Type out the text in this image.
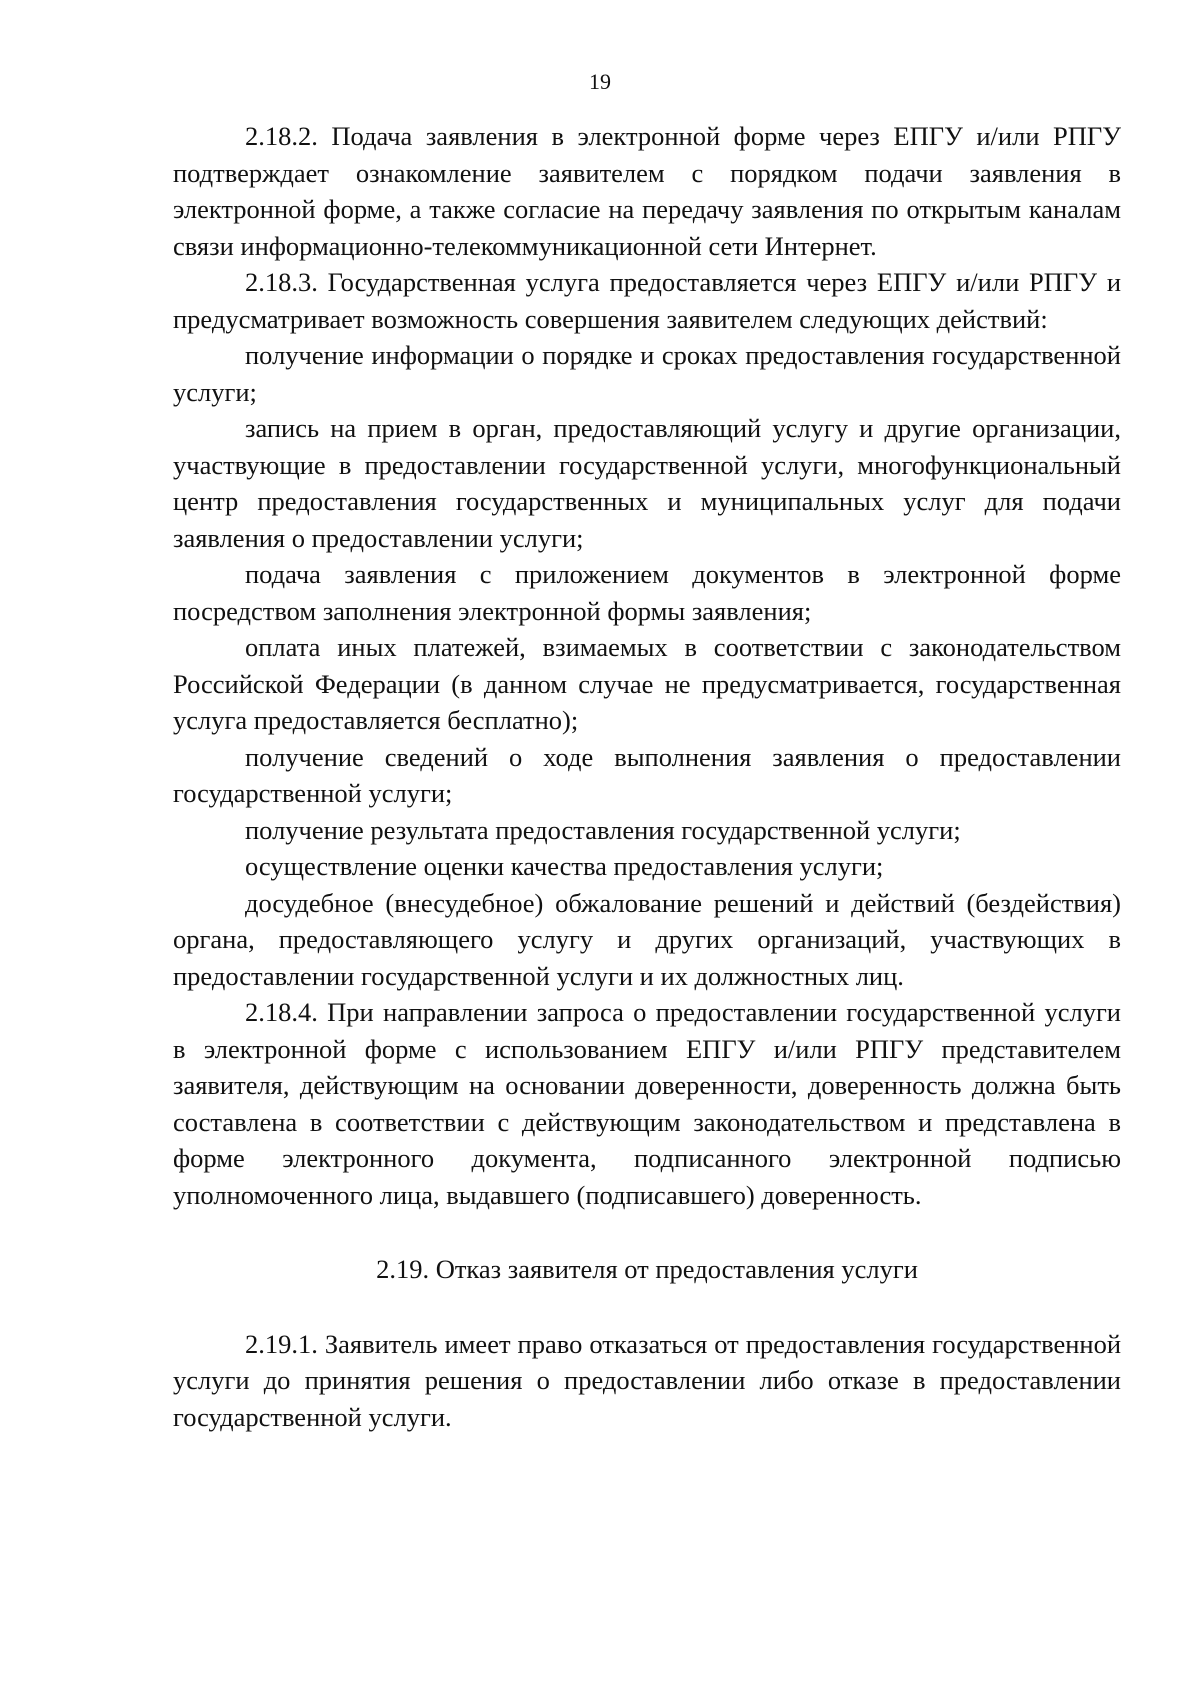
19

2.18.2. Подача заявления в электронной форме через ЕПГУ и/или РПГУ подтверждает ознакомление заявителем с порядком подачи заявления в электронной форме, а также согласие на передачу заявления по открытым каналам связи информационно-телекоммуникационной сети Интернет.

2.18.3. Государственная услуга предоставляется через ЕПГУ и/или РПГУ и предусматривает возможность совершения заявителем следующих действий:

получение информации о порядке и сроках предоставления государственной услуги;

запись на прием в орган, предоставляющий услугу и другие организации, участвующие в предоставлении государственной услуги, многофункциональный центр предоставления государственных и муниципальных услуг для подачи заявления о предоставлении услуги;

подача заявления с приложением документов в электронной форме посредством заполнения электронной формы заявления;

оплата иных платежей, взимаемых в соответствии с законодательством Российской Федерации (в данном случае не предусматривается, государственная услуга предоставляется бесплатно);

получение сведений о ходе выполнения заявления о предоставлении государственной услуги;

получение результата предоставления государственной услуги;

осуществление оценки качества предоставления услуги;

досудебное (внесудебное) обжалование решений и действий (бездействия) органа, предоставляющего услугу и других организаций, участвующих в предоставлении государственной услуги и их должностных лиц.

2.18.4. При направлении запроса о предоставлении государственной услуги в электронной форме с использованием ЕПГУ и/или РПГУ представителем заявителя, действующим на основании доверенности, доверенность должна быть составлена в соответствии с действующим законодательством и представлена в форме электронного документа, подписанного электронной подписью уполномоченного лица, выдавшего (подписавшего) доверенность.

2.19. Отказ заявителя от предоставления услуги

2.19.1. Заявитель имеет право отказаться от предоставления государственной услуги до принятия решения о предоставлении либо отказе в предоставлении государственной услуги.
